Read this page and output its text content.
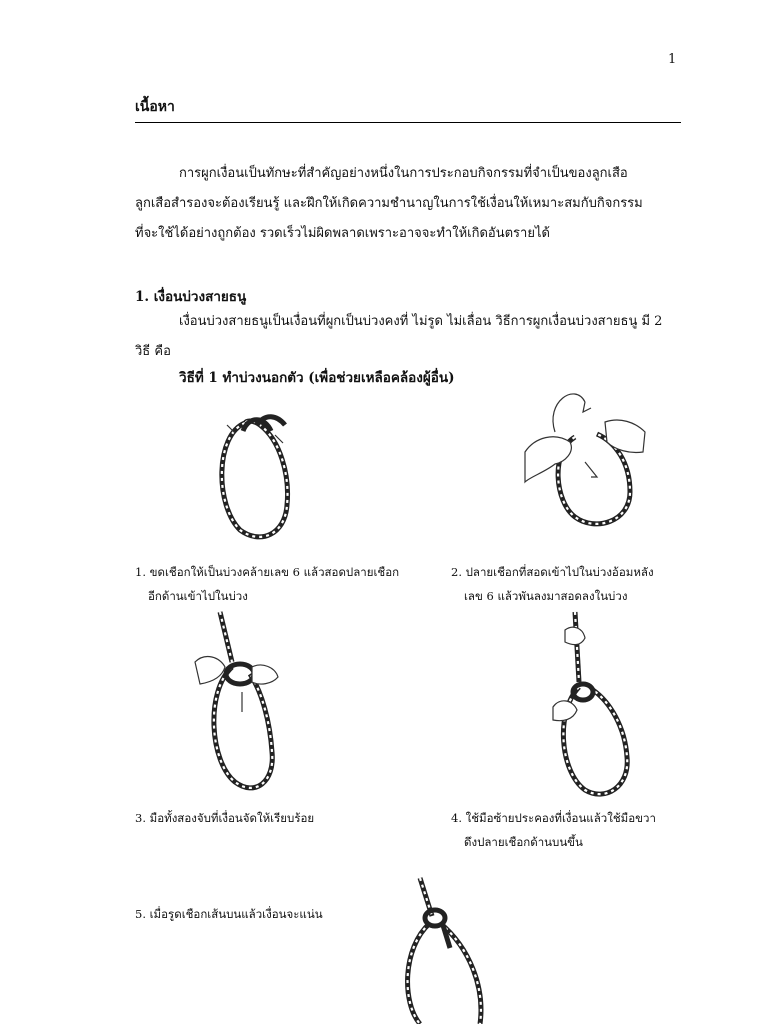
1
เนื้อหา
การผูกเงื่อนเป็นทักษะที่สำคัญอย่างหนึ่งในการประกอบกิจกรรมที่จำเป็นของลูกเสือ
ลูกเสือสำรองจะต้องเรียนรู้ และฝึกให้เกิดความชำนาญในการใช้เงื่อนให้เหมาะสมกับกิจกรรม
ที่จะใช้ได้อย่างถูกต้อง รวดเร็วไม่ผิดพลาดเพราะอาจจะทำให้เกิดอันตรายได้
1. เงื่อนบ่วงสายธนู
เงื่อนบ่วงสายธนูเป็นเงื่อนที่ผูกเป็นบ่วงคงที่ ไม่รูด ไม่เลื่อน วิธีการผูกเงื่อนบ่วงสายธนู มี 2
วิธี คือ
วิธีที่ 1 ทำบ่วงนอกตัว (เพื่อช่วยเหลือคล้องผู้อื่น)
1. ขดเชือกให้เป็นบ่วงคล้ายเลข 6 แล้วสอดปลายเชือก
อีกด้านเข้าไปในบ่วง
2. ปลายเชือกที่สอดเข้าไปในบ่วงอ้อมหลัง
เลข 6 แล้วพันลงมาสอดลงในบ่วง
3. มือทั้งสองจับที่เงื่อนจัดให้เรียบร้อย	4. ใช้มือซ้ายประคองที่เงื่อนแล้วใช้มือขวา
ดึงปลายเชือกด้านบนขึ้น
5. เมื่อรูดเชือกเส้นบนแล้วเงื่อนจะแน่น
